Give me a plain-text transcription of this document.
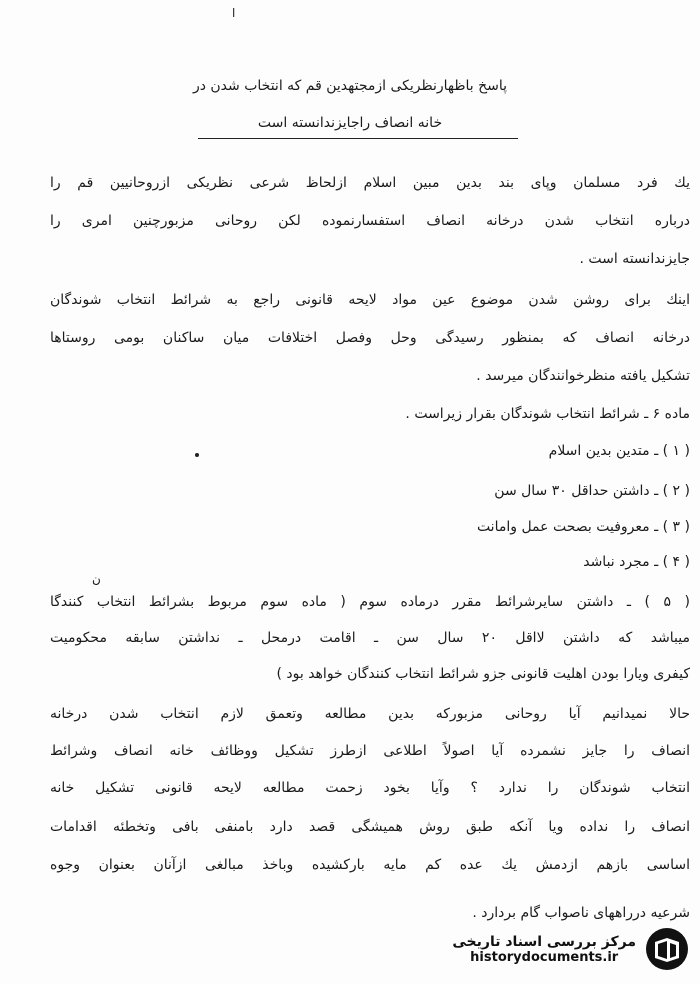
ا
پاسخ باظهارنظریکی ازمجتهدین قم که انتخاب شدن در
خانه انصاف راجایزندانسته است
یك فرد مسلمان وپای بند بدین مبین اسلام ازلحاظ شرعی نظریکی ازروحانیین قم را
درباره انتخاب شدن درخانه انصاف استفسارنموده لکن روحانی مزبورچنین امری را
جایزندانسته است .
اینك برای روشن شدن موضوع عین مواد لایحه قانونی راجع به شرائط انتخاب شوندگان
درخانه انصاف که بمنظور رسیدگی وحل وفصل اختلافات میان ساکنان بومی روستاها
تشکیل یافته منظرخوانندگان میرسد .
ماده ۶ ـ شرائط انتخاب شوندگان بقرار زیراست .
( ۱ ) ـ متدین بدین اسلام
( ۲ ) ـ داشتن حداقل ۳۰ سال سن
( ۳ ) ـ معروفیت بصحت عمل وامانت
( ۴ ) ـ مجرد نباشد
ن
( ۵ ) ـ داشتن سایرشرائط مقرر درماده سوم ( ماده سوم مربوط بشرائط انتخاب کنندگا
میباشد که داشتن لااقل ۲۰ سال سن ـ اقامت درمحل ـ نداشتن سابقه محکومیت
کیفری ویارا بودن اهلیت قانونی جزو شرائط انتخاب کنندگان خواهد بود )
حالا نمیدانیم آیا روحانی مزبورکه بدین مطالعه وتعمق لازم انتخاب شدن درخانه
انصاف را جایز نشمرده آیا اصولاً اطلاعی ازطرز تشکیل ووظائف خانه انصاف وشرائط
انتخاب شوندگان را ندارد ؟ وآیا بخود زحمت مطالعه لایحه قانونی تشکیل خانه
انصاف را نداده ویا آنکه طبق روش همیشگی قصد دارد بامنفی بافی وتخطئه اقدامات
اساسی بازهم ازدمش یك عده کم مایه بارکشیده وباخذ مبالغی ازآنان بعنوان وجوه
شرعیه درراههای ناصواب گام بردارد .
مرکز بررسی اسناد تاریخی
historydocuments.ir
